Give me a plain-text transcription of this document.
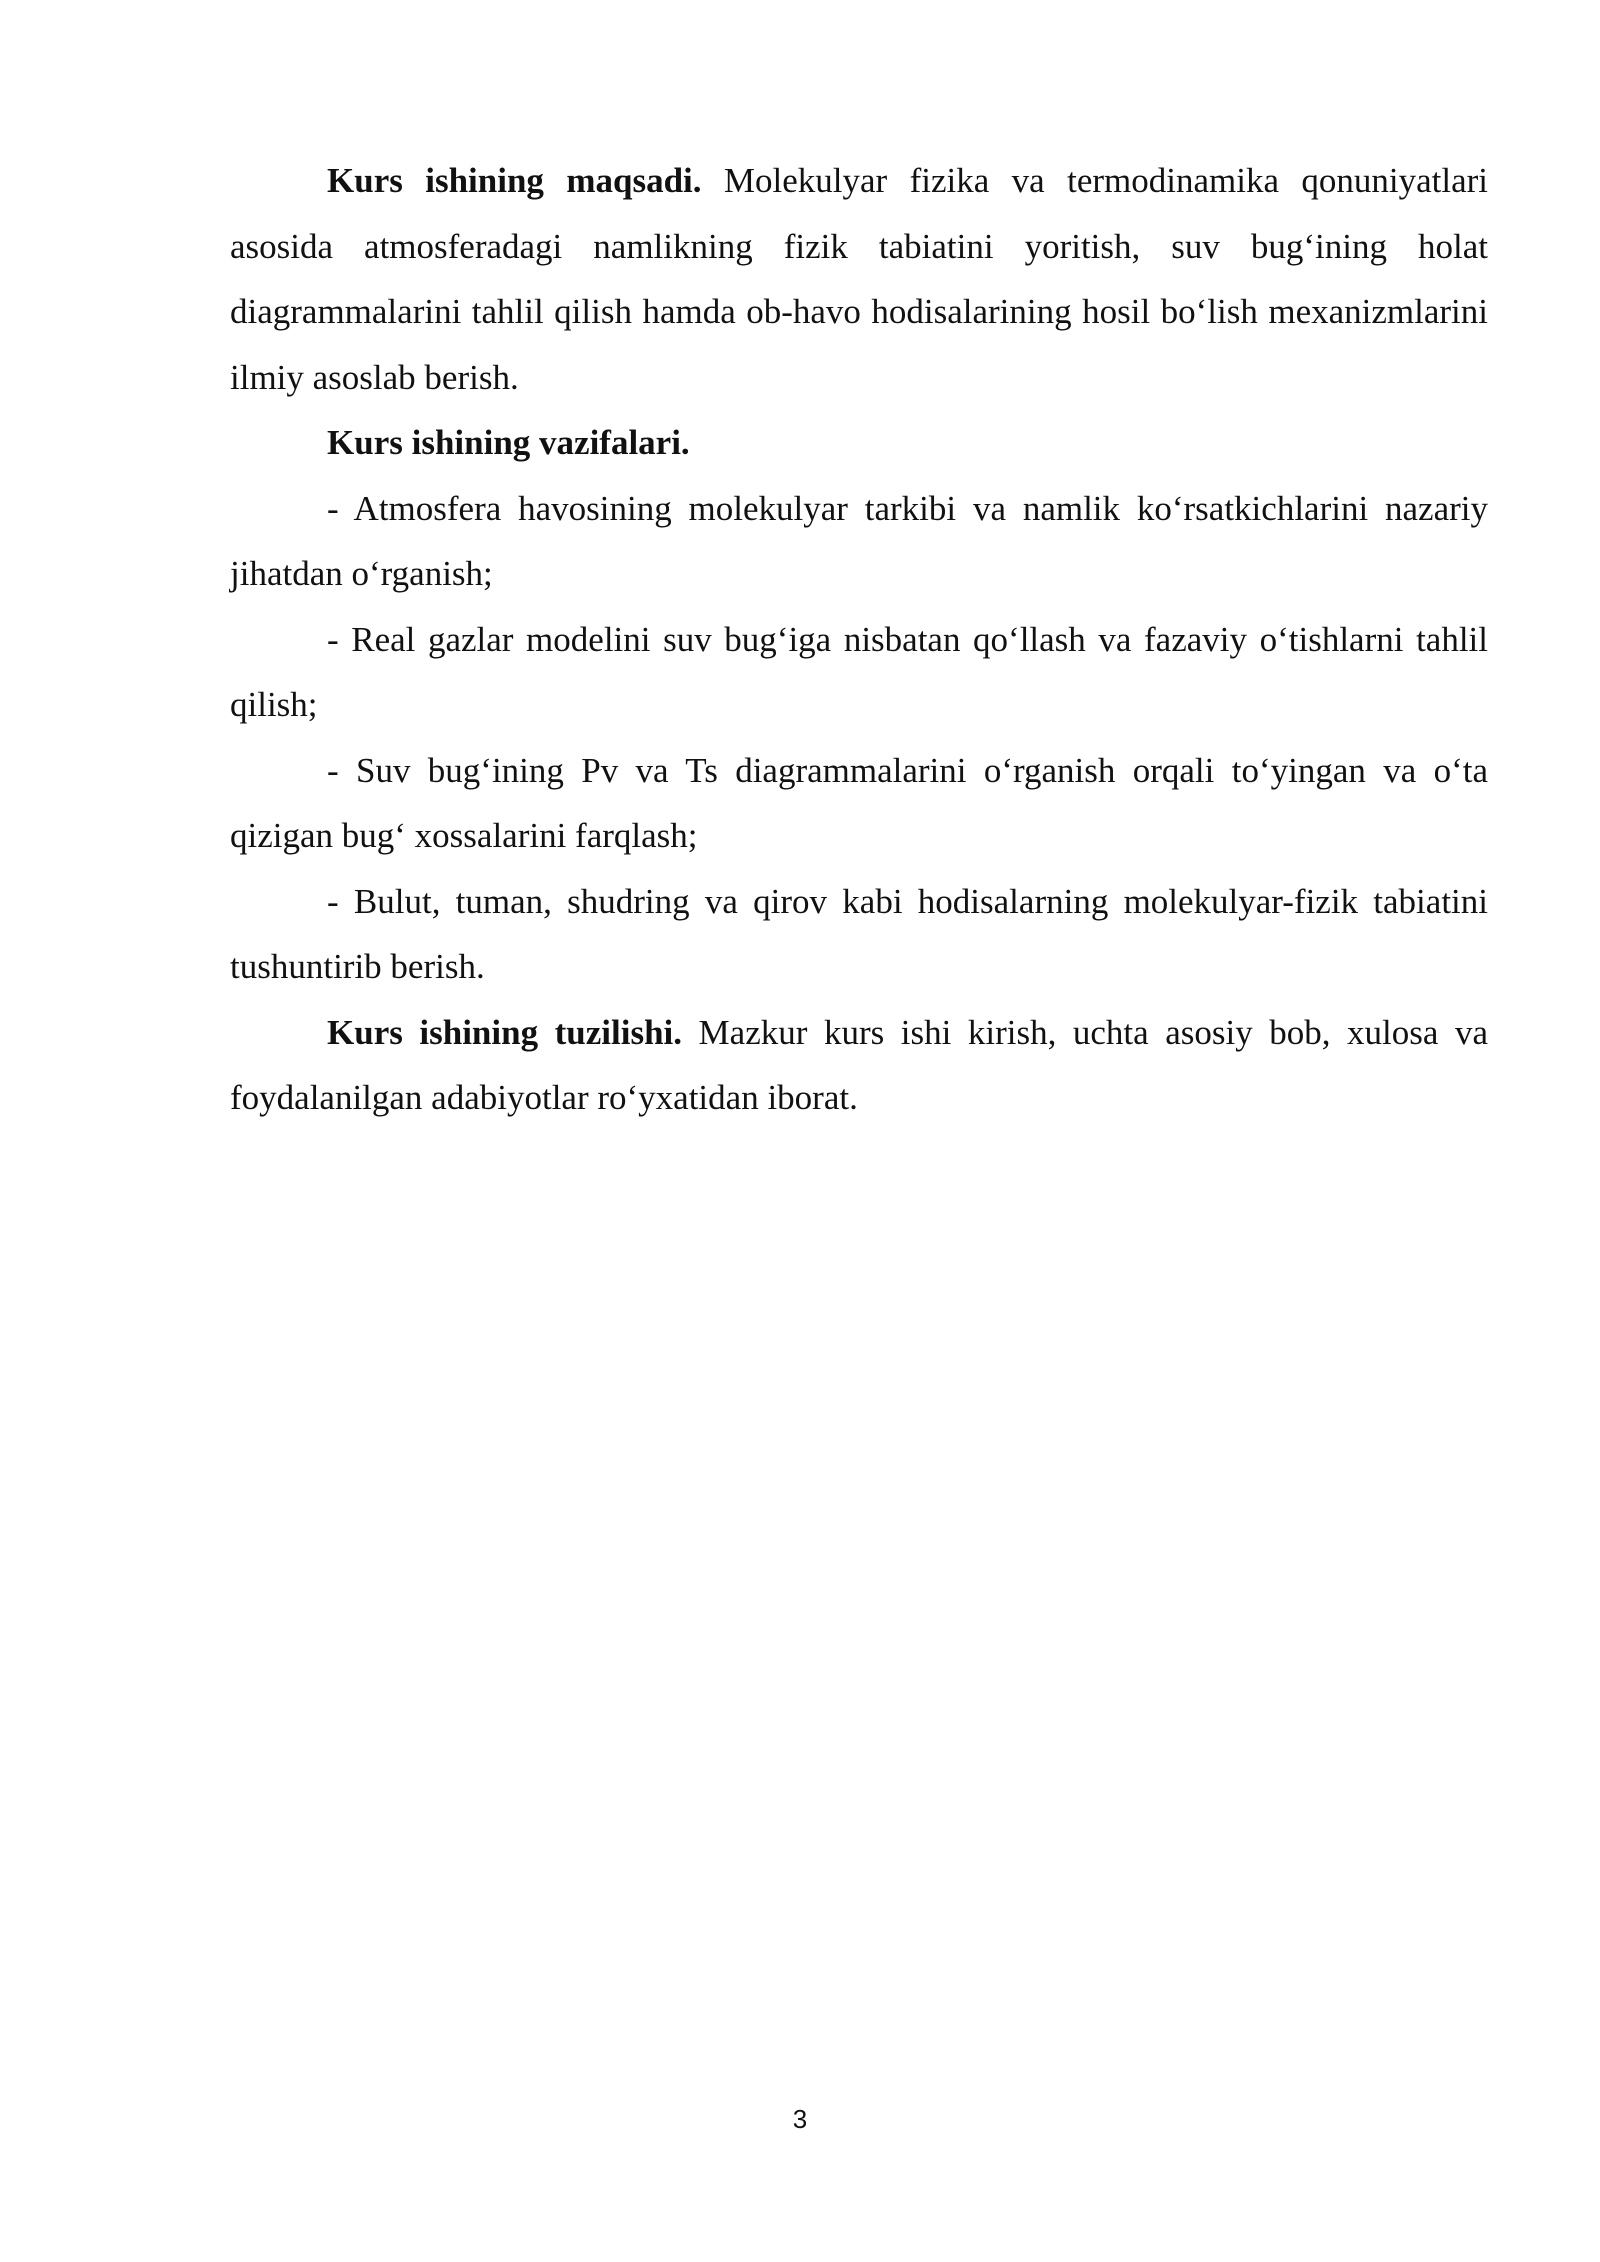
Kurs ishining maqsadi. Molekulyar fizika va termodinamika qonuniyatlari asosida atmosferadagi namlikning fizik tabiatini yoritish, suv bug‘ining holat diagrammalarini tahlil qilish hamda ob-havo hodisalarining hosil bo‘lish mexanizmlarini ilmiy asoslab berish.

Kurs ishining vazifalari.

- Atmosfera havosining molekulyar tarkibi va namlik ko‘rsatkichlarini nazariy jihatdan o‘rganish;

- Real gazlar modelini suv bug‘iga nisbatan qo‘llash va fazaviy o‘tishlarni tahlil qilish;

- Suv bug‘ining Pv va Ts diagrammalarini o‘rganish orqali to‘yingan va o‘ta qizigan bug‘ xossalarini farqlash;

- Bulut, tuman, shudring va qirov kabi hodisalarning molekulyar-fizik tabiatini tushuntirib berish.

Kurs ishining tuzilishi. Mazkur kurs ishi kirish, uchta asosiy bob, xulosa va foydalanilgan adabiyotlar ro‘yxatidan iborat.

3
